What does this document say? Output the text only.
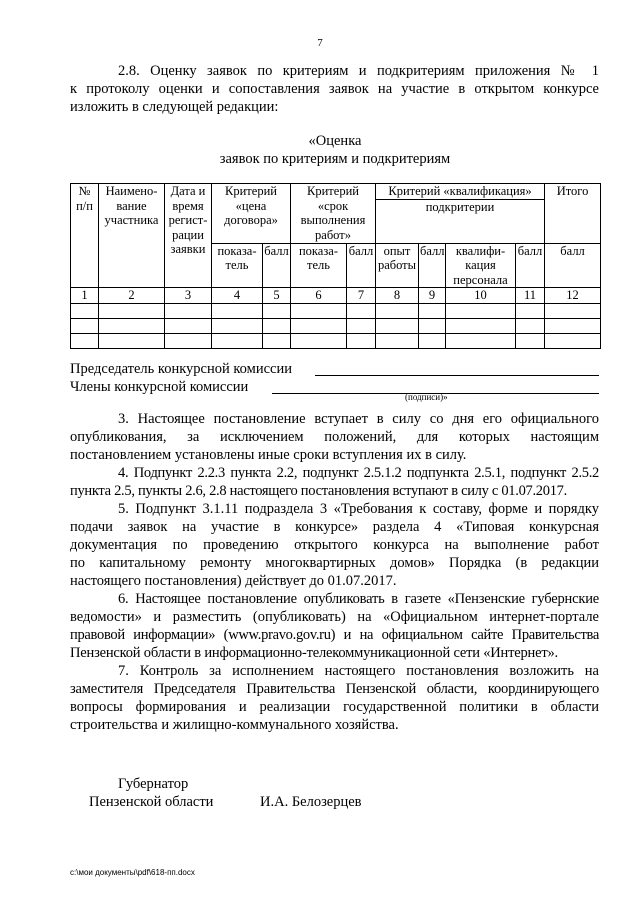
7
2.8. Оценку заявок по критериям и подкритериям приложения № 1
к протоколу оценки и сопоставления заявок на участие в открытом конкурсе
изложить в следующей редакции:
«Оценка
заявок по критериям и подкритериям
№ п/п	Наимено-вание участника	Дата и время регист-рации заявки	Критерий «цена договора»		Критерий «срок выполнения работ»		Критерий «квалификация»				Итого
							подкритерии				
			показа-тель	балл	показа-тель	балл	опыт работы	балл	квалифи-кация персонала	балл	балл
1	2	3	4	5	6	7	8	9	10	11	12

Председатель конкурсной комиссии
Члены конкурсной комиссии
(подписи)»
3. Настоящее постановление вступает в силу со дня его официального
опубликования, за исключением положений, для которых настоящим
постановлением установлены иные сроки вступления их в силу.
4. Подпункт 2.2.3 пункта 2.2, подпункт 2.5.1.2 подпункта 2.5.1, подпункт 2.5.2
пункта 2.5, пункты 2.6, 2.8 настоящего постановления вступают в силу с 01.07.2017.
5. Подпункт 3.1.11 подраздела 3 «Требования к составу, форме и порядку
подачи заявок на участие в конкурсе» раздела 4 «Типовая конкурсная
документация по проведению открытого конкурса на выполнение работ
по капитальному ремонту многоквартирных домов» Порядка (в редакции
настоящего постановления) действует до 01.07.2017.
6. Настоящее постановление опубликовать в газете «Пензенские губернские
ведомости» и разместить (опубликовать) на «Официальном интернет-портале
правовой информации» (www.pravo.gov.ru) и на официальном сайте Правительства
Пензенской области в информационно-телекоммуникационной сети «Интернет».
7. Контроль за исполнением настоящего постановления возложить на
заместителя Председателя Правительства Пензенской области, координирующего
вопросы формирования и реализации государственной политики в области
строительства и жилищно-коммунального хозяйства.
Губернатор
Пензенской области	И.А. Белозерцев
c:\мои документы\pdf\618-пп.docx
